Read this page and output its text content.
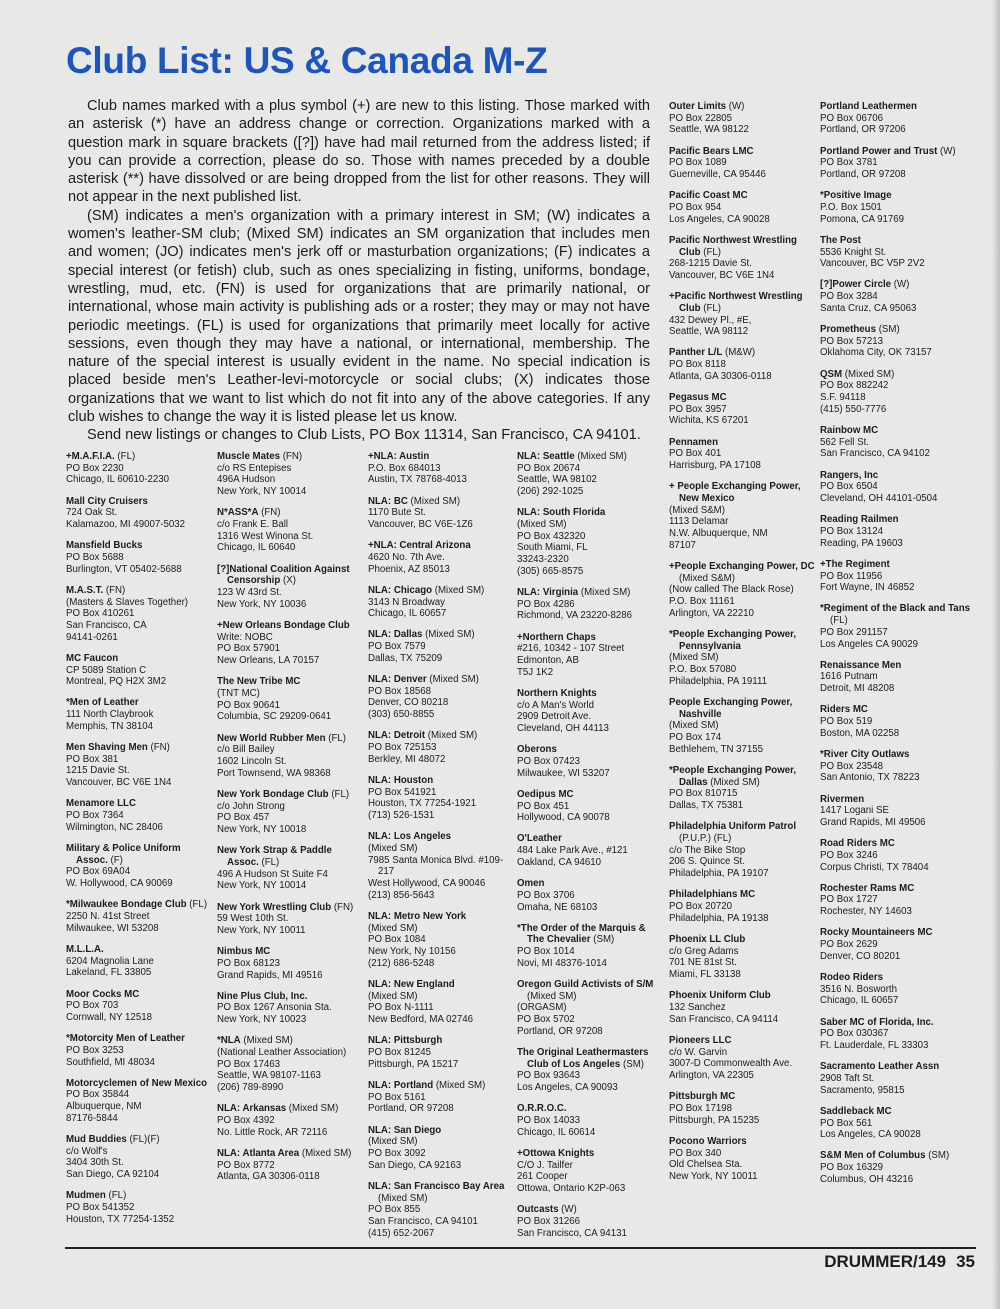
Club List: US & Canada M-Z

Club names marked with a plus symbol (+) are new to this listing. Those marked with an asterisk (*) have an address change or correction. Organizations marked with a question mark in square brackets ([?]) have had mail returned from the address listed; if you can provide a correction, please do so. Those with names preceded by a double asterisk (**) have dissolved or are being dropped from the list for other reasons. They will not appear in the next published list.

(SM) indicates a men's organization with a primary interest in SM; (W) indicates a women's leather-SM club; (Mixed SM) indicates an SM organization that includes men and women; (JO) indicates men's jerk off or masturbation organizations; (F) indicates a special interest (or fetish) club, such as ones specializing in fisting, uniforms, bondage, wrestling, mud, etc. (FN) is used for organizations that are primarily national, or international, whose main activity is publishing ads or a roster; they may or may not have periodic meetings. (FL) is used for organizations that primarily meet locally for active sessions, even though they may have a national, or international, membership. The nature of the special interest is usually evident in the name. No special indication is placed beside men's Leather-levi-motorcycle or social clubs; (X) indicates those organizations that we want to list which do not fit into any of the above categories. If any club wishes to change the way it is listed please let us know.

Send new listings or changes to Club Lists, PO Box 11314, San Francisco, CA 94101.

+M.A.F.I.A. (FL)
PO Box 2230
Chicago, IL 60610-2230
Mall City Cruisers
724 Oak St.
Kalamazoo, MI 49007-5032
Mansfield Bucks
PO Box 5688
Burlington, VT 05402-5688
M.A.S.T. (FN)
(Masters & Slaves Together)
PO Box 410261
San Francisco, CA
94141-0261
MC Faucon
CP 5089 Station C
Montreal, PQ H2X 3M2
*Men of Leather
111 North Claybrook
Memphis, TN 38104
Men Shaving Men (FN)
PO Box 381
1215 Davie St.
Vancouver, BC V6E 1N4
Menamore LLC
PO Box 7364
Wilmington, NC 28406
Military & Police Uniform Assoc. (F)
PO Box 69A04
W. Hollywood, CA 90069
*Milwaukee Bondage Club (FL)
2250 N. 41st Street
Milwaukee, WI 53208
M.L.L.A.
6204 Magnolia Lane
Lakeland, FL 33805
Moor Cocks MC
PO Box 703
Cornwall, NY 12518
*Motorcity Men of Leather
PO Box 3253
Southfield, MI 48034
Motorcyclemen of New Mexico
PO Box 35844
Albuquerque, NM
87176-5844
Mud Buddies (FL)(F)
c/o Wolf's
3404 30th St.
San Diego, CA 92104
Mudmen (FL)
PO Box 541352
Houston, TX 77254-1352
Muscle Mates (FN)
c/o RS Entepises
496A Hudson
New York, NY 10014
N*ASS*A (FN)
c/o Frank E. Ball
1316 West Winona St.
Chicago, IL 60640
[?]National Coalition Against Censorship (X)
123 W 43rd St.
New York, NY 10036
+New Orleans Bondage Club
Write: NOBC
PO Box 57901
New Orleans, LA 70157
The New Tribe MC
(TNT MC)
PO Box 90641
Columbia, SC 29209-0641
New World Rubber Men (FL)
c/o Bill Bailey
1602 Lincoln St.
Port Townsend, WA 98368
New York Bondage Club (FL)
c/o John Strong
PO Box 457
New York, NY 10018
New York Strap & Paddle Assoc. (FL)
496 A Hudson St Suite F4
New York, NY 10014
New York Wrestling Club (FN)
59 West 10th St.
New York, NY 10011
Nimbus MC
PO Box 68123
Grand Rapids, MI 49516
Nine Plus Club, Inc.
PO Box 1267 Ansonia Sta.
New York, NY 10023
*NLA (Mixed SM)
(National Leather Association)
PO Box 17463
Seattle, WA 98107-1163
(206) 789-8990
NLA: Arkansas (Mixed SM)
PO Box 4392
No. Little Rock, AR 72116
NLA: Atlanta Area (Mixed SM)
PO Box 8772
Atlanta, GA 30306-0118
+NLA: Austin
P.O. Box 684013
Austin, TX 78768-4013
NLA: BC (Mixed SM)
1170 Bute St.
Vancouver, BC V6E-1Z6
+NLA: Central Arizona
4620 No. 7th Ave.
Phoenix, AZ 85013
NLA: Chicago (Mixed SM)
3143 N Broadway
Chicago, IL 60657
NLA: Dallas (Mixed SM)
PO Box 7579
Dallas, TX 75209
NLA: Denver (Mixed SM)
PO Box 18568
Denver, CO 80218
(303) 650-8855
NLA: Detroit (Mixed SM)
PO Box 725153
Berkley, MI 48072
NLA: Houston
PO Box 541921
Houston, TX 77254-1921
(713) 526-1531
NLA: Los Angeles
(Mixed SM)
7985 Santa Monica Blvd. #109-217
West Hollywood, CA 90046
(213) 856-5643
NLA: Metro New York
(Mixed SM)
PO Box 1084
New York, Ny 10156
(212) 686-5248
NLA: New England
(Mixed SM)
PO Box N-1111
New Bedford, MA 02746
NLA: Pittsburgh
PO Box 81245
Pittsburgh, PA 15217
NLA: Portland (Mixed SM)
PO Box 5161
Portland, OR 97208
NLA: San Diego
(Mixed SM)
PO Box 3092
San Diego, CA 92163
NLA: San Francisco Bay Area (Mixed SM)
PO Box 855
San Francisco, CA 94101
(415) 652-2067
NLA: Seattle (Mixed SM)
PO Box 20674
Seattle, WA 98102
(206) 292-1025
NLA: South Florida
(Mixed SM)
PO Box 432320
South Miami, FL
33243-2320
(305) 665-8575
NLA: Virginia (Mixed SM)
PO Box 4286
Richmond, VA 23220-8286
+Northern Chaps
#216, 10342 - 107 Street
Edmonton, AB
T5J 1K2
Northern Knights
c/o A Man's World
2909 Detroit Ave.
Cleveland, OH 44113
Oberons
PO Box 07423
Milwaukee, WI 53207
Oedipus MC
PO Box 451
Hollywood, CA 90078
O'Leather
484 Lake Park Ave., #121
Oakland, CA 94610
Omen
PO Box 3706
Omaha, NE 68103
*The Order of the Marquis & The Chevalier (SM)
PO Box 1014
Novi, MI 48376-1014
Oregon Guild Activists of S/M (Mixed SM)
(ORGASM)
PO Box 5702
Portland, OR 97208
The Original Leathermasters Club of Los Angeles (SM)
PO Box 93643
Los Angeles, CA 90093
O.R.R.O.C.
PO Box 14033
Chicago, IL 60614
+Ottowa Knights
C/O J. Tailfer
261 Cooper
Ottowa, Ontario K2P-063
Outcasts (W)
PO Box 31266
San Francisco, CA 94131
Outer Limits (W)
PO Box 22805
Seattle, WA 98122
Pacific Bears LMC
PO Box 1089
Guerneville, CA 95446
Pacific Coast MC
PO Box 954
Los Angeles, CA 90028
Pacific Northwest Wrestling Club (FL)
268-1215 Davie St.
Vancouver, BC V6E 1N4
+Pacific Northwest Wrestling Club (FL)
432 Dewey Pl., #E,
Seattle, WA 98112
Panther L/L (M&W)
PO Box 8118
Atlanta, GA 30306-0118
Pegasus MC
PO Box 3957
Wichita, KS 67201
Pennamen
PO Box 401
Harrisburg, PA 17108
+ People Exchanging Power, New Mexico
(Mixed S&M)
1113 Delamar
N.W. Albuquerque, NM
87107
+People Exchanging Power, DC (Mixed S&M)
(Now called The Black Rose)
P.O. Box 11161
Arlington, VA 22210
*People Exchanging Power, Pennsylvania
(Mixed SM)
P.O. Box 57080
Philadelphia, PA 19111
People Exchanging Power, Nashville
(Mixed SM)
PO Box 174
Bethlehem, TN 37155
*People Exchanging Power, Dallas (Mixed SM)
PO Box 810715
Dallas, TX 75381
Philadelphia Uniform Patrol (P.U.P.) (FL)
c/o The Bike Stop
206 S. Quince St.
Philadelphia, PA 19107
Philadelphians MC
PO Box 20720
Philadelphia, PA 19138
Phoenix LL Club
c/o Greg Adams
701 NE 81st St.
Miami, FL 33138
Phoenix Uniform Club
132 Sanchez
San Francisco, CA 94114
Pioneers LLC
c/o W. Garvin
3007-D Commonwealth Ave.
Arlington, VA 22305
Pittsburgh MC
PO Box 17198
Pittsburgh, PA 15235
Pocono Warriors
PO Box 340
Old Chelsea Sta.
New York, NY 10011
Portland Leathermen
PO Box 06706
Portland, OR 97206
Portland Power and Trust (W)
PO Box 3781
Portland, OR 97208
*Positive Image
P.O. Box 1501
Pomona, CA 91769
The Post
5536 Knight St.
Vancouver, BC V5P 2V2
[?]Power Circle (W)
PO Box 3284
Santa Cruz, CA 95063
Prometheus (SM)
PO Box 57213
Oklahoma City, OK 73157
QSM (Mixed SM)
PO Box 882242
S.F. 94118
(415) 550-7776
Rainbow MC
562 Fell St.
San Francisco, CA 94102
Rangers, Inc
PO Box 6504
Cleveland, OH 44101-0504
Reading Railmen
PO Box 13124
Reading, PA 19603
+The Regiment
PO Box 11956
Fort Wayne, IN 46852
*Regiment of the Black and Tans (FL)
PO Box 291157
Los Angeles CA 90029
Renaissance Men
1616 Putnam
Detroit, MI 48208
Riders MC
PO Box 519
Boston, MA 02258
*River City Outlaws
PO Box 23548
San Antonio, TX 78223
Rivermen
1417 Logani SE
Grand Rapids, MI 49506
Road Riders MC
PO Box 3246
Corpus Christi, TX 78404
Rochester Rams MC
PO Box 1727
Rochester, NY 14603
Rocky Mountaineers MC
PO Box 2629
Denver, CO 80201
Rodeo Riders
3516 N. Bosworth
Chicago, IL 60657
Saber MC of Florida, Inc.
PO Box 030367
Ft. Lauderdale, FL 33303
Sacramento Leather Assn
2908 Taft St.
Sacramento, 95815
Saddleback MC
PO Box 561
Los Angeles, CA 90028
S&M Men of Columbus (SM)
PO Box 16329
Columbus, OH 43216
DRUMMER/149 35
